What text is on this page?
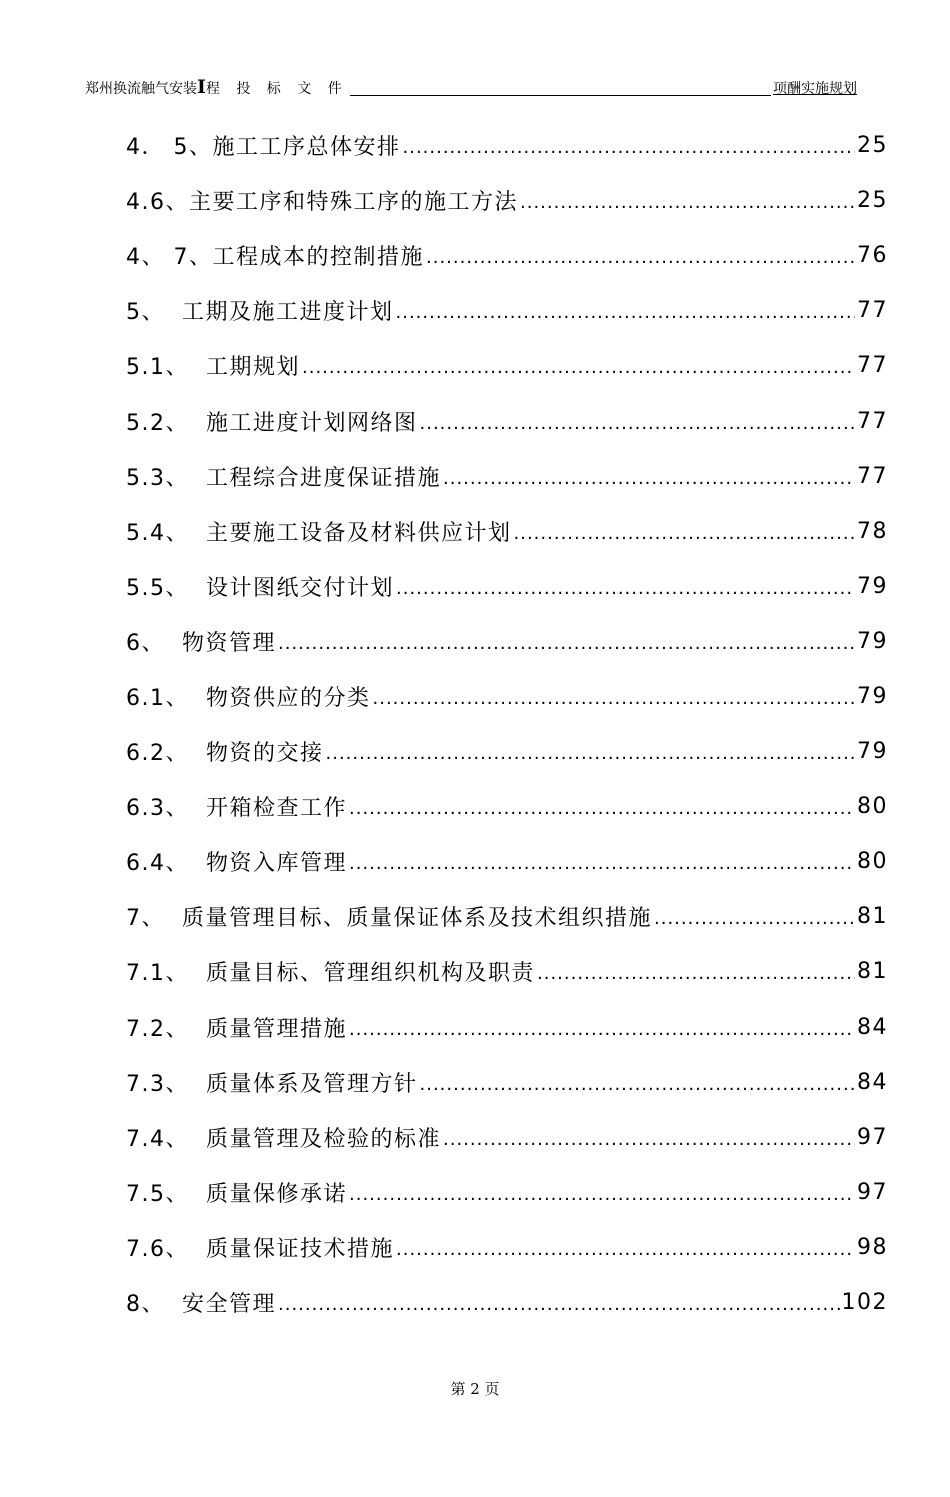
郑州换流触气安装I程 投 标 文 件	项酬实施规划
4． 5、施工工序总体安排 .....	25
4.6、主要工序和特殊工序的施工方法 .....	25
4、 7、工程成本的控制措施 .....	76
5、 工期及施工进度计划 .....	77
5.1、 工期规划 .....	77
5.2、 施工进度计划网络图 .....	77
5.3、 工程综合进度保证措施 .....	77
5.4、 主要施工设备及材料供应计划 .....	78
5.5、 设计图纸交付计划 .....	79
6、 物资管理 .....	79
6.1、 物资供应的分类 .....	79
6.2、 物资的交接 .....	79
6.3、 开箱检查工作 .....	80
6.4、 物资入库管理 .....	80
7、 质量管理目标、质量保证体系及技术组织措施 .....	81
7.1、 质量目标、管理组织机构及职责 .....	81
7.2、 质量管理措施 .....	84
7.3、 质量体系及管理方针 .....	84
7.4、 质量管理及检验的标准 .....	97
7.5、 质量保修承诺 .....	97
7.6、 质量保证技术措施 .....	98
8、 安全管理 .....	102
第 2 页
